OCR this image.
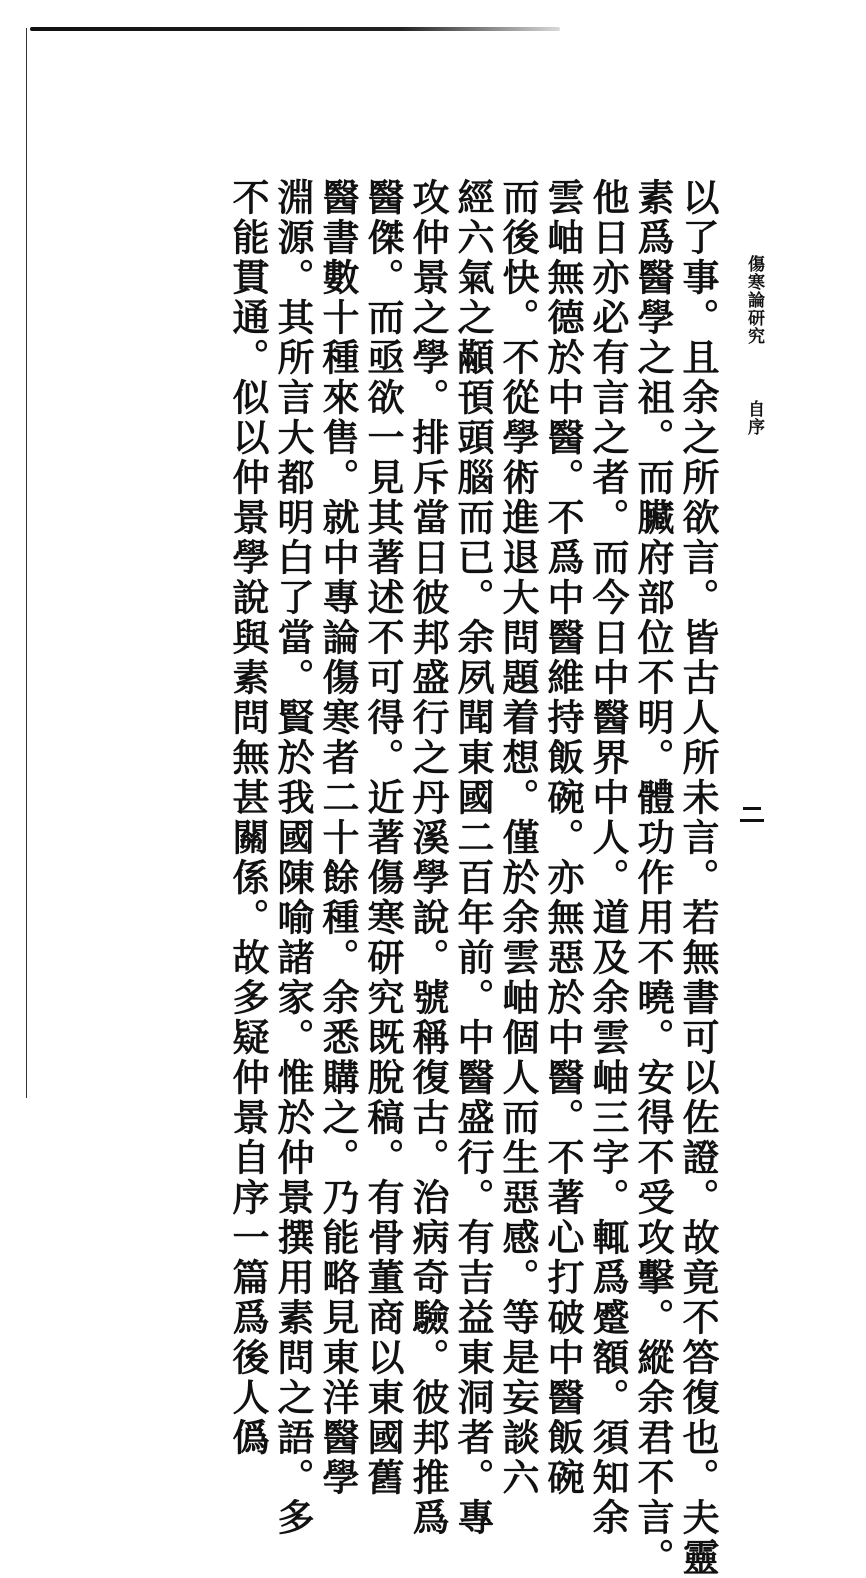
傷寒論研究
自序
以了事。且余之所欲言。皆古人所未言。若無書可以佐證。故竟不答復也。夫靈
素爲醫學之祖。而臟府部位不明。體功作用不曉。安得不受攻擊。縱余君不言。
他日亦必有言之者。而今日中醫界中人。道及余雲岫三字。輒爲蹙額。須知余
雲岫無德於中醫。不爲中醫維持飯碗。亦無惡於中醫。不著心打破中醫飯碗
而後快。不從學術進退大問題着想。僅於余雲岫個人而生惡感。等是妄談六
經六氣之顢頇頭腦而已。余夙聞東國二百年前。中醫盛行。有吉益東洞者。專
攻仲景之學。排斥當日彼邦盛行之丹溪學說。號稱復古。治病奇驗。彼邦推爲
醫傑。而亟欲一見其著述不可得。近著傷寒研究既脫稿。有骨董商以東國舊
醫書數十種來售。就中專論傷寒者二十餘種。余悉購之。乃能略見東洋醫學
淵源。其所言大都明白了當。賢於我國陳喻諸家。惟於仲景撰用素問之語。多
不能貫通。似以仲景學說與素問無甚關係。故多疑仲景自序一篇爲後人僞
